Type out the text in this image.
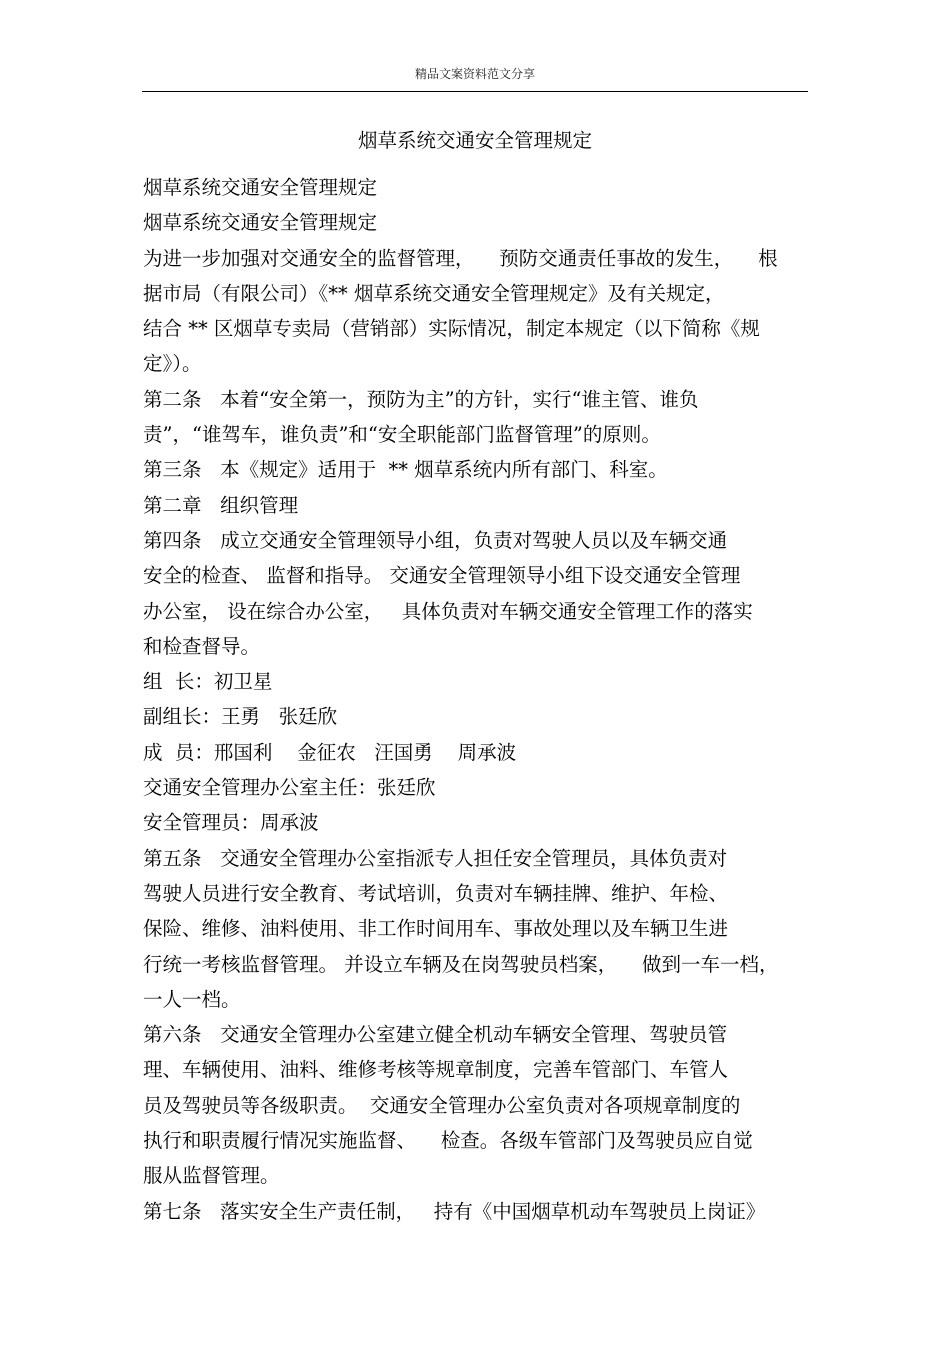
精品文案资料范文分享
烟草系统交通安全管理规定
烟草系统交通安全管理规定
烟草系统交通安全管理规定
为进一步加强对交通安全的监督管理，    预防交通责任事故的发生，    根
据市局（有限公司）《** 烟草系统交通安全管理规定》及有关规定，
结合 ** 区烟草专卖局（营销部）实际情况，制定本规定（以下简称《规
定》）。
第二条   本着“安全第一，预防为主”的方针，实行“谁主管、谁负
责”，“谁驾车，谁负责”和“安全职能部门监督管理”的原则。
第三条   本《规定》适用于  ** 烟草系统内所有部门、科室。
第二章   组织管理
第四条   成立交通安全管理领导小组，负责对驾驶人员以及车辆交通
安全的检查、 监督和指导。 交通安全管理领导小组下设交通安全管理
办公室， 设在综合办公室，   具体负责对车辆交通安全管理工作的落实
和检查督导。
组  长：初卫星
副组长：王勇   张廷欣
成  员：邢国利    金征农   汪国勇    周承波
交通安全管理办公室主任：张廷欣
安全管理员：周承波
第五条   交通安全管理办公室指派专人担任安全管理员，具体负责对
驾驶人员进行安全教育、考试培训，负责对车辆挂牌、维护、年检、
保险、维修、油料使用、非工作时间用车、事故处理以及车辆卫生进
行统一考核监督管理。 并设立车辆及在岗驾驶员档案，    做到一车一档，
一人一档。
第六条   交通安全管理办公室建立健全机动车辆安全管理、驾驶员管
理、车辆使用、油料、维修考核等规章制度，完善车管部门、车管人
员及驾驶员等各级职责。  交通安全管理办公室负责对各项规章制度的
执行和职责履行情况实施监督、    检查。各级车管部门及驾驶员应自觉
服从监督管理。
第七条   落实安全生产责任制，   持有《中国烟草机动车驾驶员上岗证》
